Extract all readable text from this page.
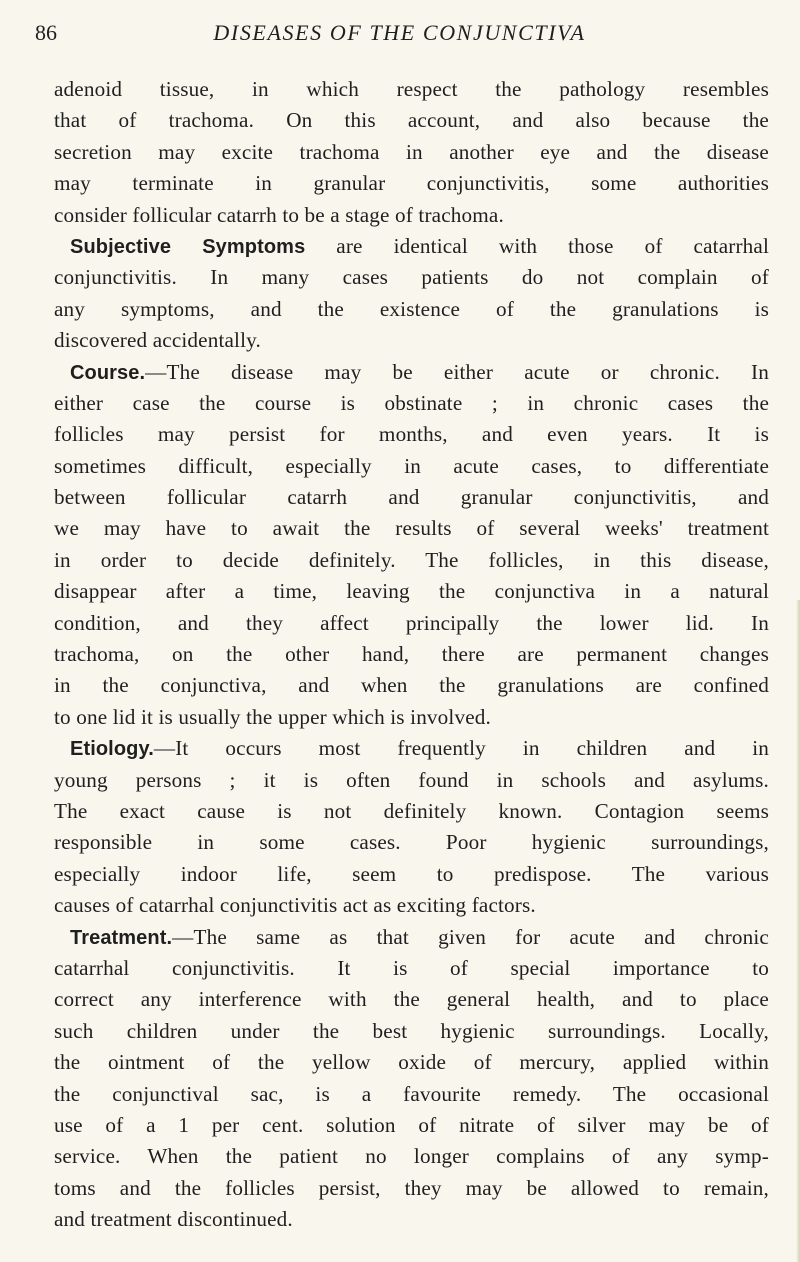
86	DISEASES OF THE CONJUNCTIVA
adenoid tissue, in which respect the pathology resembles
that of trachoma. On this account, and also because the
secretion may excite trachoma in another eye and the disease
may terminate in granular conjunctivitis, some authorities
consider follicular catarrh to be a stage of trachoma.
Subjective Symptoms are identical with those of catarrhal
conjunctivitis. In many cases patients do not complain of
any symptoms, and the existence of the granulations is
discovered accidentally.
Course.—The disease may be either acute or chronic. In
either case the course is obstinate ; in chronic cases the
follicles may persist for months, and even years. It is
sometimes difficult, especially in acute cases, to differentiate
between follicular catarrh and granular conjunctivitis, and
we may have to await the results of several weeks' treatment
in order to decide definitely. The follicles, in this disease,
disappear after a time, leaving the conjunctiva in a natural
condition, and they affect principally the lower lid. In
trachoma, on the other hand, there are permanent changes
in the conjunctiva, and when the granulations are confined
to one lid it is usually the upper which is involved.
Etiology.—It occurs most frequently in children and in
young persons ; it is often found in schools and asylums.
The exact cause is not definitely known. Contagion seems
responsible in some cases. Poor hygienic surroundings,
especially indoor life, seem to predispose. The various
causes of catarrhal conjunctivitis act as exciting factors.
Treatment.—The same as that given for acute and chronic
catarrhal conjunctivitis. It is of special importance to
correct any interference with the general health, and to place
such children under the best hygienic surroundings. Locally,
the ointment of the yellow oxide of mercury, applied within
the conjunctival sac, is a favourite remedy. The occasional
use of a 1 per cent. solution of nitrate of silver may be of
service. When the patient no longer complains of any symp-
toms and the follicles persist, they may be allowed to remain,
and treatment discontinued.
